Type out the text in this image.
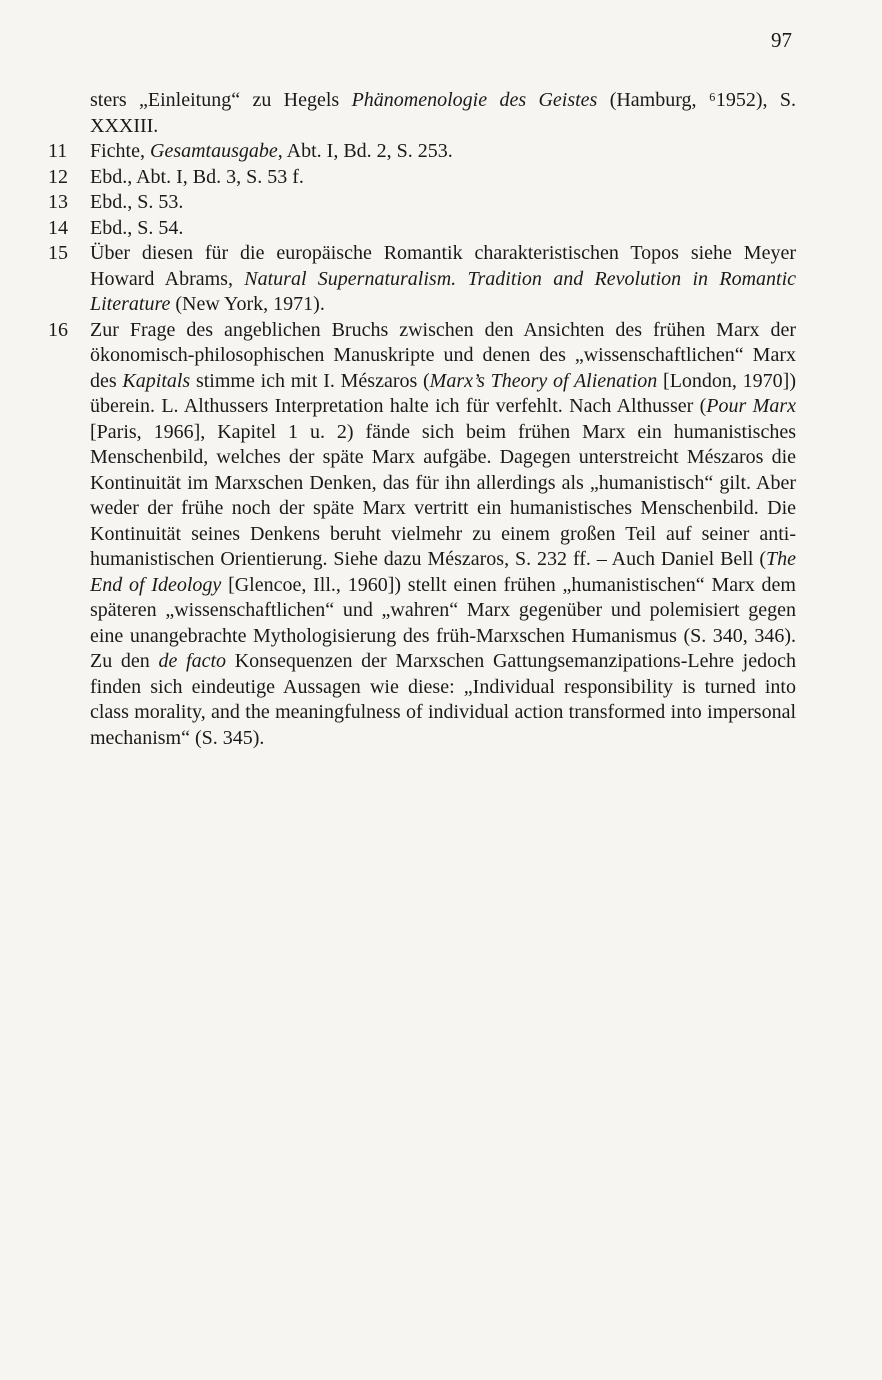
97
sters „Einleitung“ zu Hegels Phänomenologie des Geistes (Hamburg, ⁶1952), S. XXXIII.
11	Fichte, Gesamtausgabe, Abt. I, Bd. 2, S. 253.
12	Ebd., Abt. I, Bd. 3, S. 53 f.
13	Ebd., S. 53.
14	Ebd., S. 54.
15	Über diesen für die europäische Romantik charakteristischen Topos siehe Meyer Howard Abrams, Natural Supernaturalism. Tradition and Revolution in Romantic Literature (New York, 1971).
16	Zur Frage des angeblichen Bruchs zwischen den Ansichten des frühen Marx der ökonomisch-philosophischen Manuskripte und denen des „wissenschaftlichen“ Marx des Kapitals stimme ich mit I. Mészaros (Marx’s Theory of Alienation [London, 1970]) überein. L. Althussers Interpretation halte ich für verfehlt. Nach Althusser (Pour Marx [Paris, 1966], Kapitel 1 u. 2) fände sich beim frühen Marx ein humanistisches Menschenbild, welches der späte Marx aufgäbe. Dagegen unterstreicht Mészaros die Kontinuität im Marxschen Denken, das für ihn allerdings als „humanistisch“ gilt. Aber weder der frühe noch der späte Marx vertritt ein humanistisches Menschenbild. Die Kontinuität seines Denkens beruht vielmehr zu einem großen Teil auf seiner anti-humanistischen Orientierung. Siehe dazu Mészaros, S. 232 ff. – Auch Daniel Bell (The End of Ideology [Glencoe, Ill., 1960]) stellt einen frühen „humanistischen“ Marx dem späteren „wissenschaftlichen“ und „wahren“ Marx gegenüber und polemisiert gegen eine unangebrachte Mythologisierung des früh-Marxschen Humanismus (S. 340, 346). Zu den de facto Konsequenzen der Marxschen Gattungsemanzipations-Lehre jedoch finden sich eindeutige Aussagen wie diese: „Individual responsibility is turned into class morality, and the meaningfulness of individual action transformed into impersonal mechanism“ (S. 345).
